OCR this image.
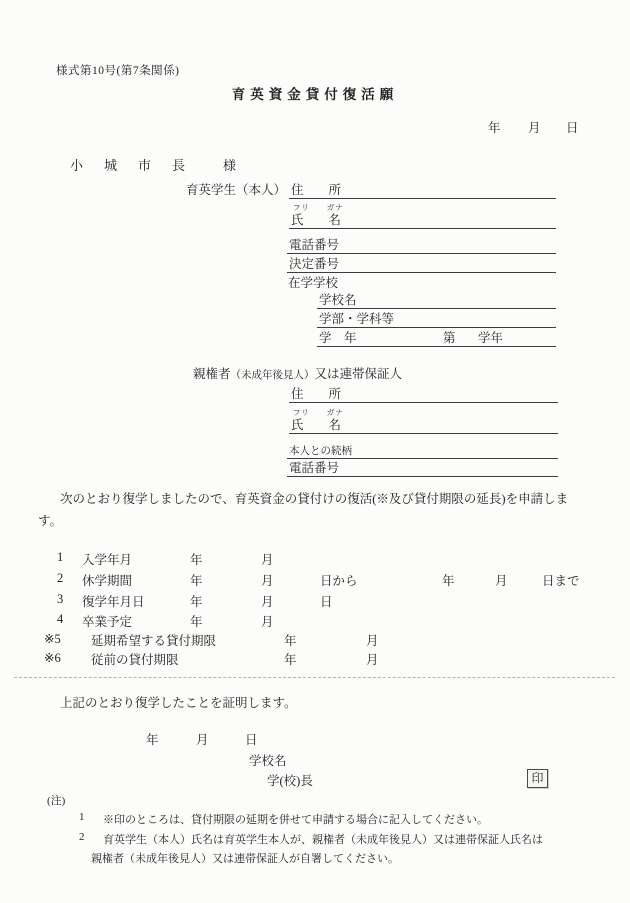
様式第10号(第7条関係)
育英資金貸付復活願
年 月 日
小　城　市　長　　様
育英学生（本人） 住　　所
フリ　　ガナ
氏　　名
電話番号
決定番号
在学学校
学校名
学部・学科等
学　年	第 学年
親権者（未成年後見人）又は連帯保証人
住　　所
フリ　　ガナ
氏　　名
本人との続柄
電話番号
次のとおり復学しましたので、育英資金の貸付けの復活(※及び貸付期限の延長)を申請します。
1 入学年月	年	月
2 休学期間	年	月	日から	年	月	日まで
3 復学年月日	年	月	日
4 卒業予定	年	月
※5 延期希望する貸付期限	年	月
※6 従前の貸付期限	年	月
上記のとおり復学したことを証明します。
年	月	日
学校名
学(校)長	印
(注)
1 ※印のところは、貸付期限の延期を併せて申請する場合に記入してください。
2 育英学生（本人）氏名は育英学生本人が、親権者（未成年後見人）又は連帯保証人氏名は
親権者（未成年後見人）又は連帯保証人が自署してください。
